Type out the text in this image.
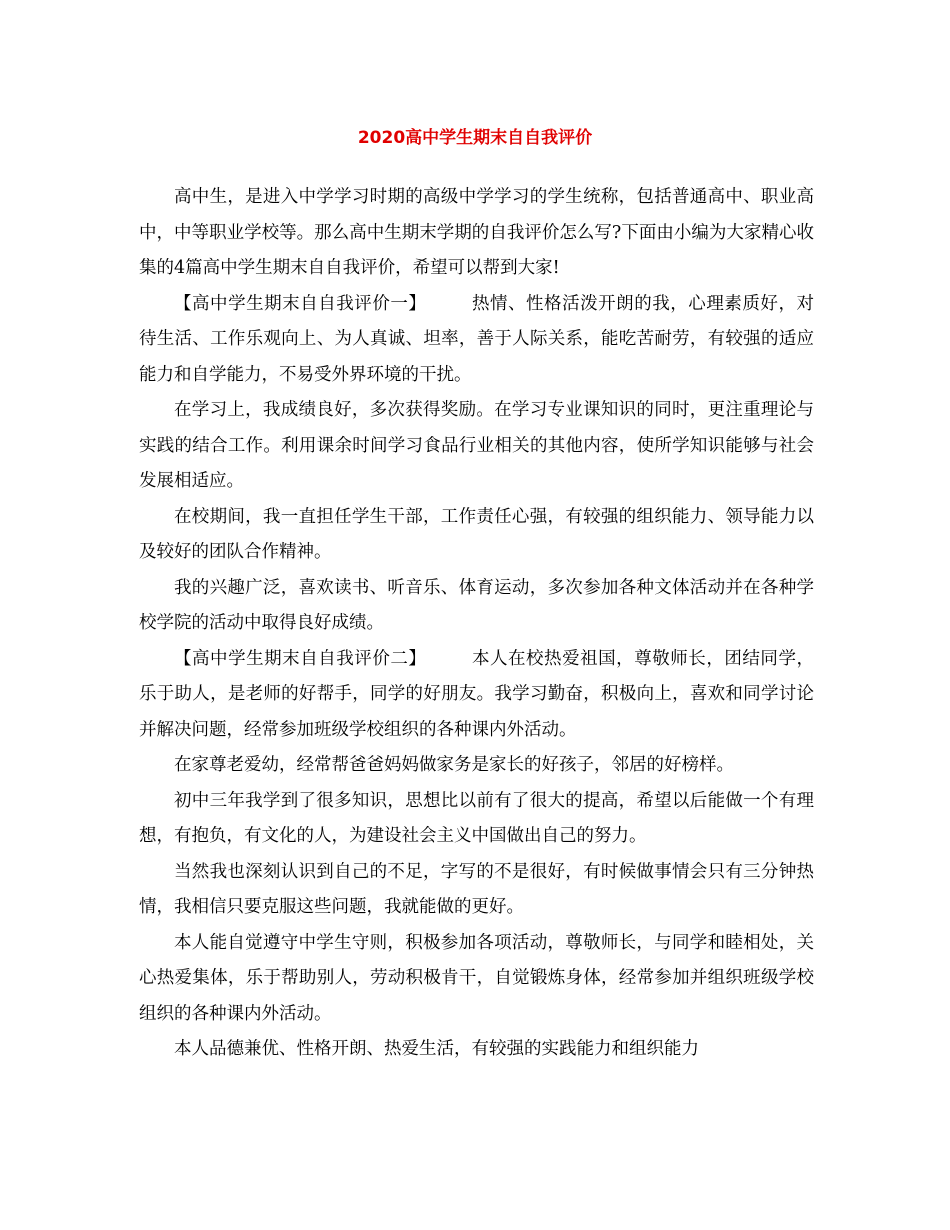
2020高中学生期末自自我评价

高中生，是进入中学学习时期的高级中学学习的学生统称，包括普通高中、职业高中，中等职业学校等。那么高中生期末学期的自我评价怎么写?下面由小编为大家精心收集的4篇高中学生期末自自我评价，希望可以帮到大家!

【高中学生期末自自我评价一】	热情、性格活泼开朗的我，心理素质好，对待生活、工作乐观向上、为人真诚、坦率，善于人际关系，能吃苦耐劳，有较强的适应能力和自学能力，不易受外界环境的干扰。

在学习上，我成绩良好，多次获得奖励。在学习专业课知识的同时，更注重理论与实践的结合工作。利用课余时间学习食品行业相关的其他内容，使所学知识能够与社会发展相适应。

在校期间，我一直担任学生干部，工作责任心强，有较强的组织能力、领导能力以及较好的团队合作精神。

我的兴趣广泛，喜欢读书、听音乐、体育运动，多次参加各种文体活动并在各种学校学院的活动中取得良好成绩。

【高中学生期末自自我评价二】	本人在校热爱祖国，尊敬师长，团结同学，乐于助人，是老师的好帮手，同学的好朋友。我学习勤奋，积极向上，喜欢和同学讨论并解决问题，经常参加班级学校组织的各种课内外活动。

在家尊老爱幼，经常帮爸爸妈妈做家务是家长的好孩子，邻居的好榜样。

初中三年我学到了很多知识，思想比以前有了很大的提高，希望以后能做一个有理想，有抱负，有文化的人，为建设社会主义中国做出自己的努力。

当然我也深刻认识到自己的不足，字写的不是很好，有时候做事情会只有三分钟热情，我相信只要克服这些问题，我就能做的更好。

本人能自觉遵守中学生守则，积极参加各项活动，尊敬师长，与同学和睦相处，关心热爱集体，乐于帮助别人，劳动积极肯干，自觉锻炼身体，经常参加并组织班级学校组织的各种课内外活动。

本人品德兼优、性格开朗、热爱生活，有较强的实践能力和组织能力
